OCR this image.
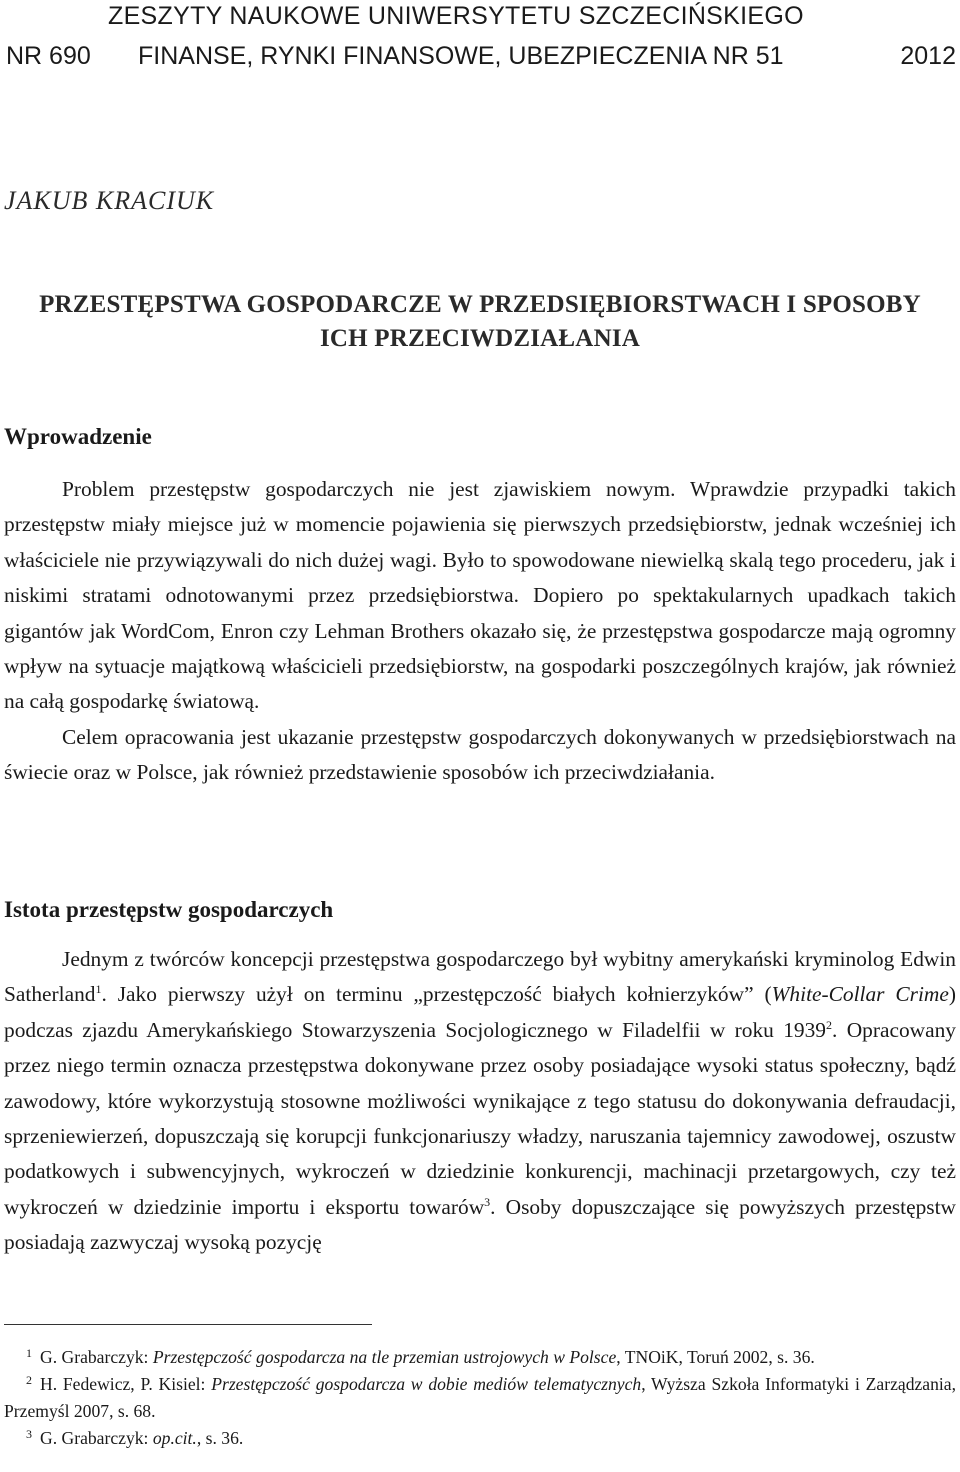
ZESZYTY NAUKOWE UNIWERSYTETU SZCZECIŃSKIEGO
NR 690 FINANSE, RYNKI FINANSOWE, UBEZPIECZENIA NR 51	2012
JAKUB KRACIUK
PRZESTĘPSTWA GOSPODARCZE W PRZEDSIĘBIORSTWACH I SPOSOBY
ICH PRZECIWDZIAŁANIA
Wprowadzenie

Problem przestępstw gospodarczych nie jest zjawiskiem nowym. Wprawdzie przypadki takich przestępstw miały miejsce już w momencie pojawienia się pierwszych przedsiębiorstw, jednak wcześniej ich właściciele nie przywiązywali do nich dużej wagi. Było to spowodowane niewielką skalą tego procederu, jak i niskimi stratami odnotowanymi przez przedsiębiorstwa. Dopiero po spektakularnych upadkach takich gigantów jak WordCom, Enron czy Lehman Brothers okazało się, że przestępstwa gospodarcze mają ogromny wpływ na sytuacje majątkową właścicieli przedsiębiorstw, na gospodarki poszczególnych krajów, jak również na całą gospodarkę światową.

Celem opracowania jest ukazanie przestępstw gospodarczych dokonywanych w przedsiębiorstwach na świecie oraz w Polsce, jak również przedstawienie sposobów ich przeciwdziałania.

Istota przestępstw gospodarczych

Jednym z twórców koncepcji przestępstwa gospodarczego był wybitny amerykański kryminolog Edwin Satherland$^1$. Jako pierwszy użył on terminu „przestępczość białych kołnierzyków” (White-Collar Crime) podczas zjazdu Amerykańskiego Stowarzyszenia Socjologicznego w Filadelfii w roku 1939$^2$. Opracowany przez niego termin oznacza przestępstwa dokonywane przez osoby posiadające wysoki status społeczny, bądź zawodowy, które wykorzystują stosowne możliwości wynikające z tego statusu do dokonywania defraudacji, sprzeniewierzeń, dopuszczają się korupcji funkcjonariuszy władzy, naruszania tajemnicy zawodowej, oszustw podatkowych i subwencyjnych, wykroczeń w dziedzinie konkurencji, machinacji przetargowych, czy też wykroczeń w dziedzinie importu i eksportu towarów$^3$. Osoby dopuszczające się powyższych przestępstw posiadają zazwyczaj wysoką pozycję

$^1$ G. Grabarczyk: Przestępczość gospodarcza na tle przemian ustrojowych w Polsce, TNOiK, Toruń 2002, s. 36.

$^2$ H. Fedewicz, P. Kisiel: Przestępczość gospodarcza w dobie mediów telematycznych, Wyższa Szkoła Informatyki i Zarządzania, Przemyśl 2007, s. 68.

$^3$ G. Grabarczyk: op.cit., s. 36.
